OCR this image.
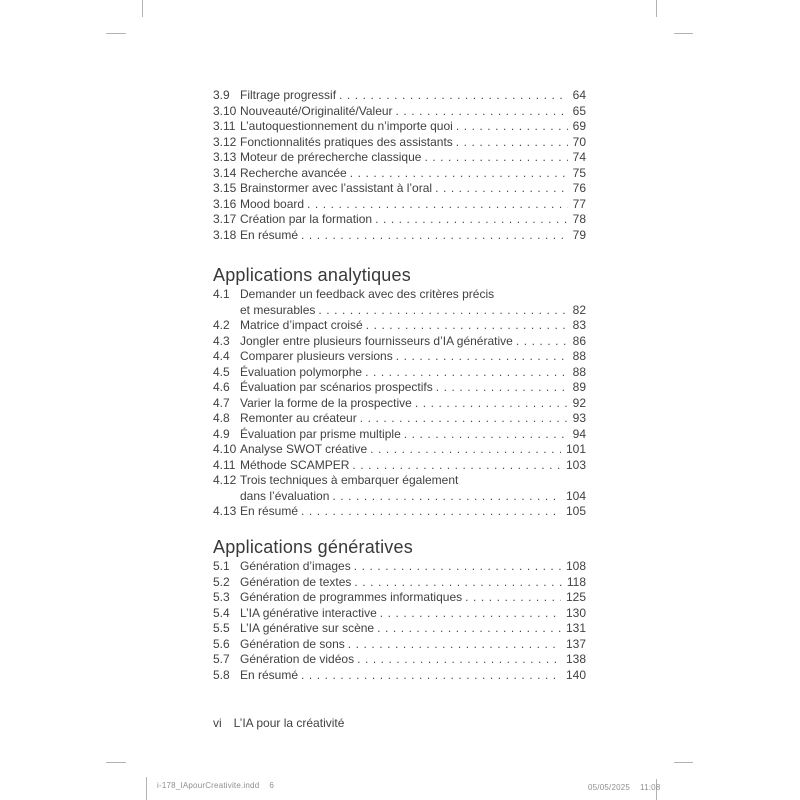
3.9 Filtrage progressif . . .	64
3.10 Nouveauté/Originalité/Valeur . . .	65
3.11 L’autoquestionnement du n’importe quoi . . .	69
3.12 Fonctionnalités pratiques des assistants . . .	70
3.13 Moteur de prérecherche classique . . .	74
3.14 Recherche avancée . . .	75
3.15 Brainstormer avec l’assistant à l’oral . . .	76
3.16 Mood board . . .	77
3.17 Création par la formation . . .	78
3.18 En résumé . . .	79
Applications analytiques
4.1 Demander un feedback avec des critères précis
et mesurables . . .	82
4.2 Matrice d’impact croisé . . .	83
4.3 Jongler entre plusieurs fournisseurs d’IA générative . . .	86
4.4 Comparer plusieurs versions . . .	88
4.5 Évaluation polymorphe . . .	88
4.6 Évaluation par scénarios prospectifs . . .	89
4.7 Varier la forme de la prospective . . .	92
4.8 Remonter au créateur . . .	93
4.9 Évaluation par prisme multiple . . .	94
4.10 Analyse SWOT créative . . .	101
4.11 Méthode SCAMPER . . .	103
4.12 Trois techniques à embarquer également
dans l’évaluation . . .	104
4.13 En résumé . . .	105
Applications génératives
5.1 Génération d’images . . .	108
5.2 Génération de textes . . .	118
5.3 Génération de programmes informatiques . . .	125
5.4 L’IA générative interactive . . .	130
5.5 L’IA générative sur scène . . .	131
5.6 Génération de sons . . .	137
5.7 Génération de vidéos . . .	138
5.8 En résumé . . .	140
vi L’IA pour la créativité
i-178_IApourCreativite.indd 6	05/05/2025 11:08
